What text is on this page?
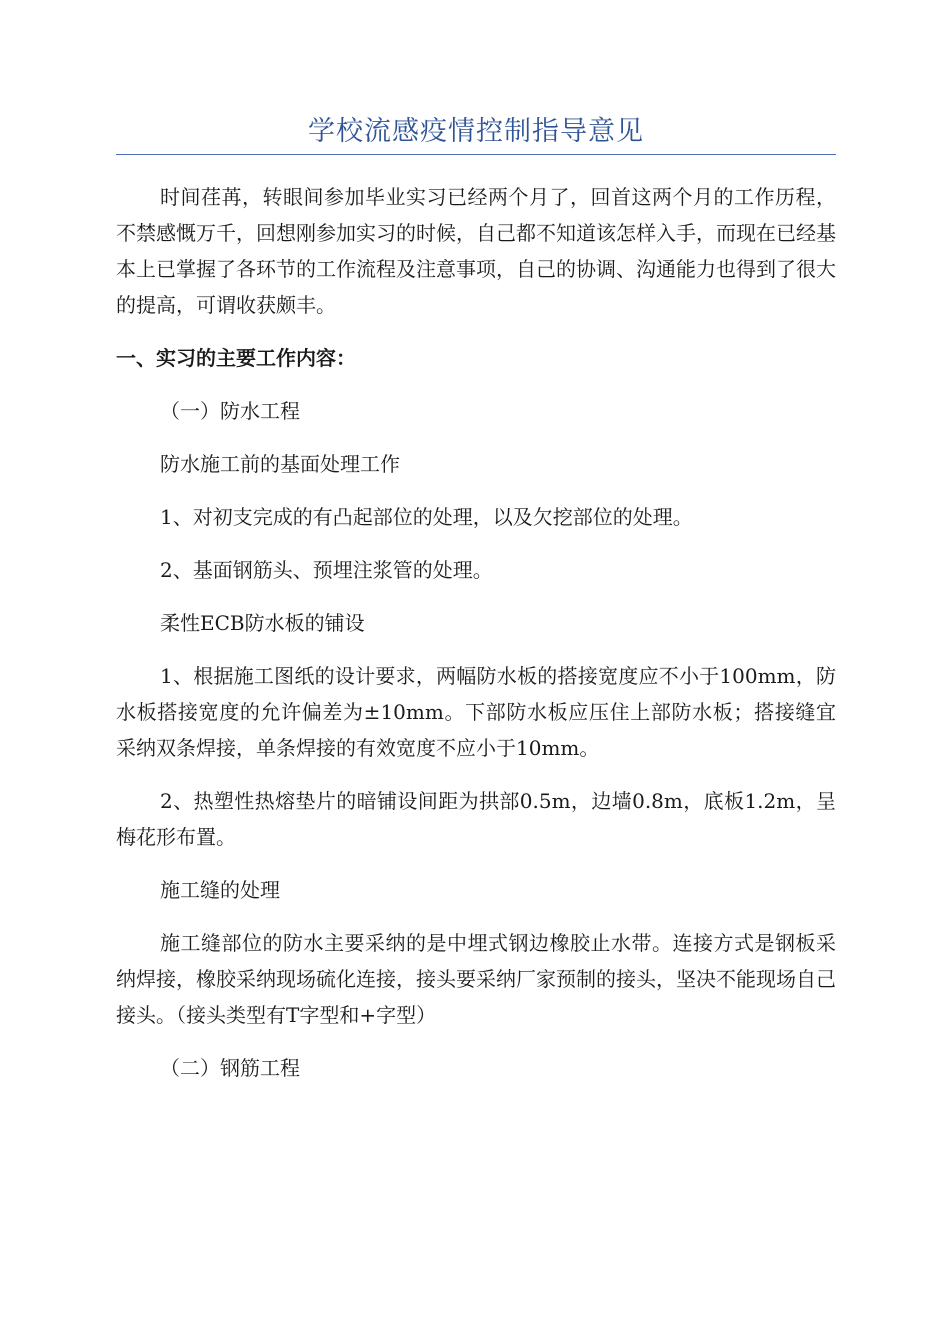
学校流感疫情控制指导意见

时间荏苒，转眼间参加毕业实习已经两个月了，回首这两个月的工作历程，不禁感慨万千，回想刚参加实习的时候，自己都不知道该怎样入手，而现在已经基本上已掌握了各环节的工作流程及注意事项，自己的协调、沟通能力也得到了很大的提高，可谓收获颇丰。

一、实习的主要工作内容：

（一）防水工程

防水施工前的基面处理工作

1、对初支完成的有凸起部位的处理，以及欠挖部位的处理。

2、基面钢筋头、预埋注浆管的处理。

柔性ECB防水板的铺设

1、根据施工图纸的设计要求，两幅防水板的搭接宽度应不小于100mm，防水板搭接宽度的允许偏差为±10mm。下部防水板应压住上部防水板；搭接缝宜采纳双条焊接，单条焊接的有效宽度不应小于10mm。

2、热塑性热熔垫片的暗铺设间距为拱部0.5m，边墙0.8m，底板1.2m，呈梅花形布置。

施工缝的处理

施工缝部位的防水主要采纳的是中埋式钢边橡胶止水带。连接方式是钢板采纳焊接，橡胶采纳现场硫化连接，接头要采纳厂家预制的接头，坚决不能现场自己接头。（接头类型有T字型和+字型）

（二）钢筋工程
